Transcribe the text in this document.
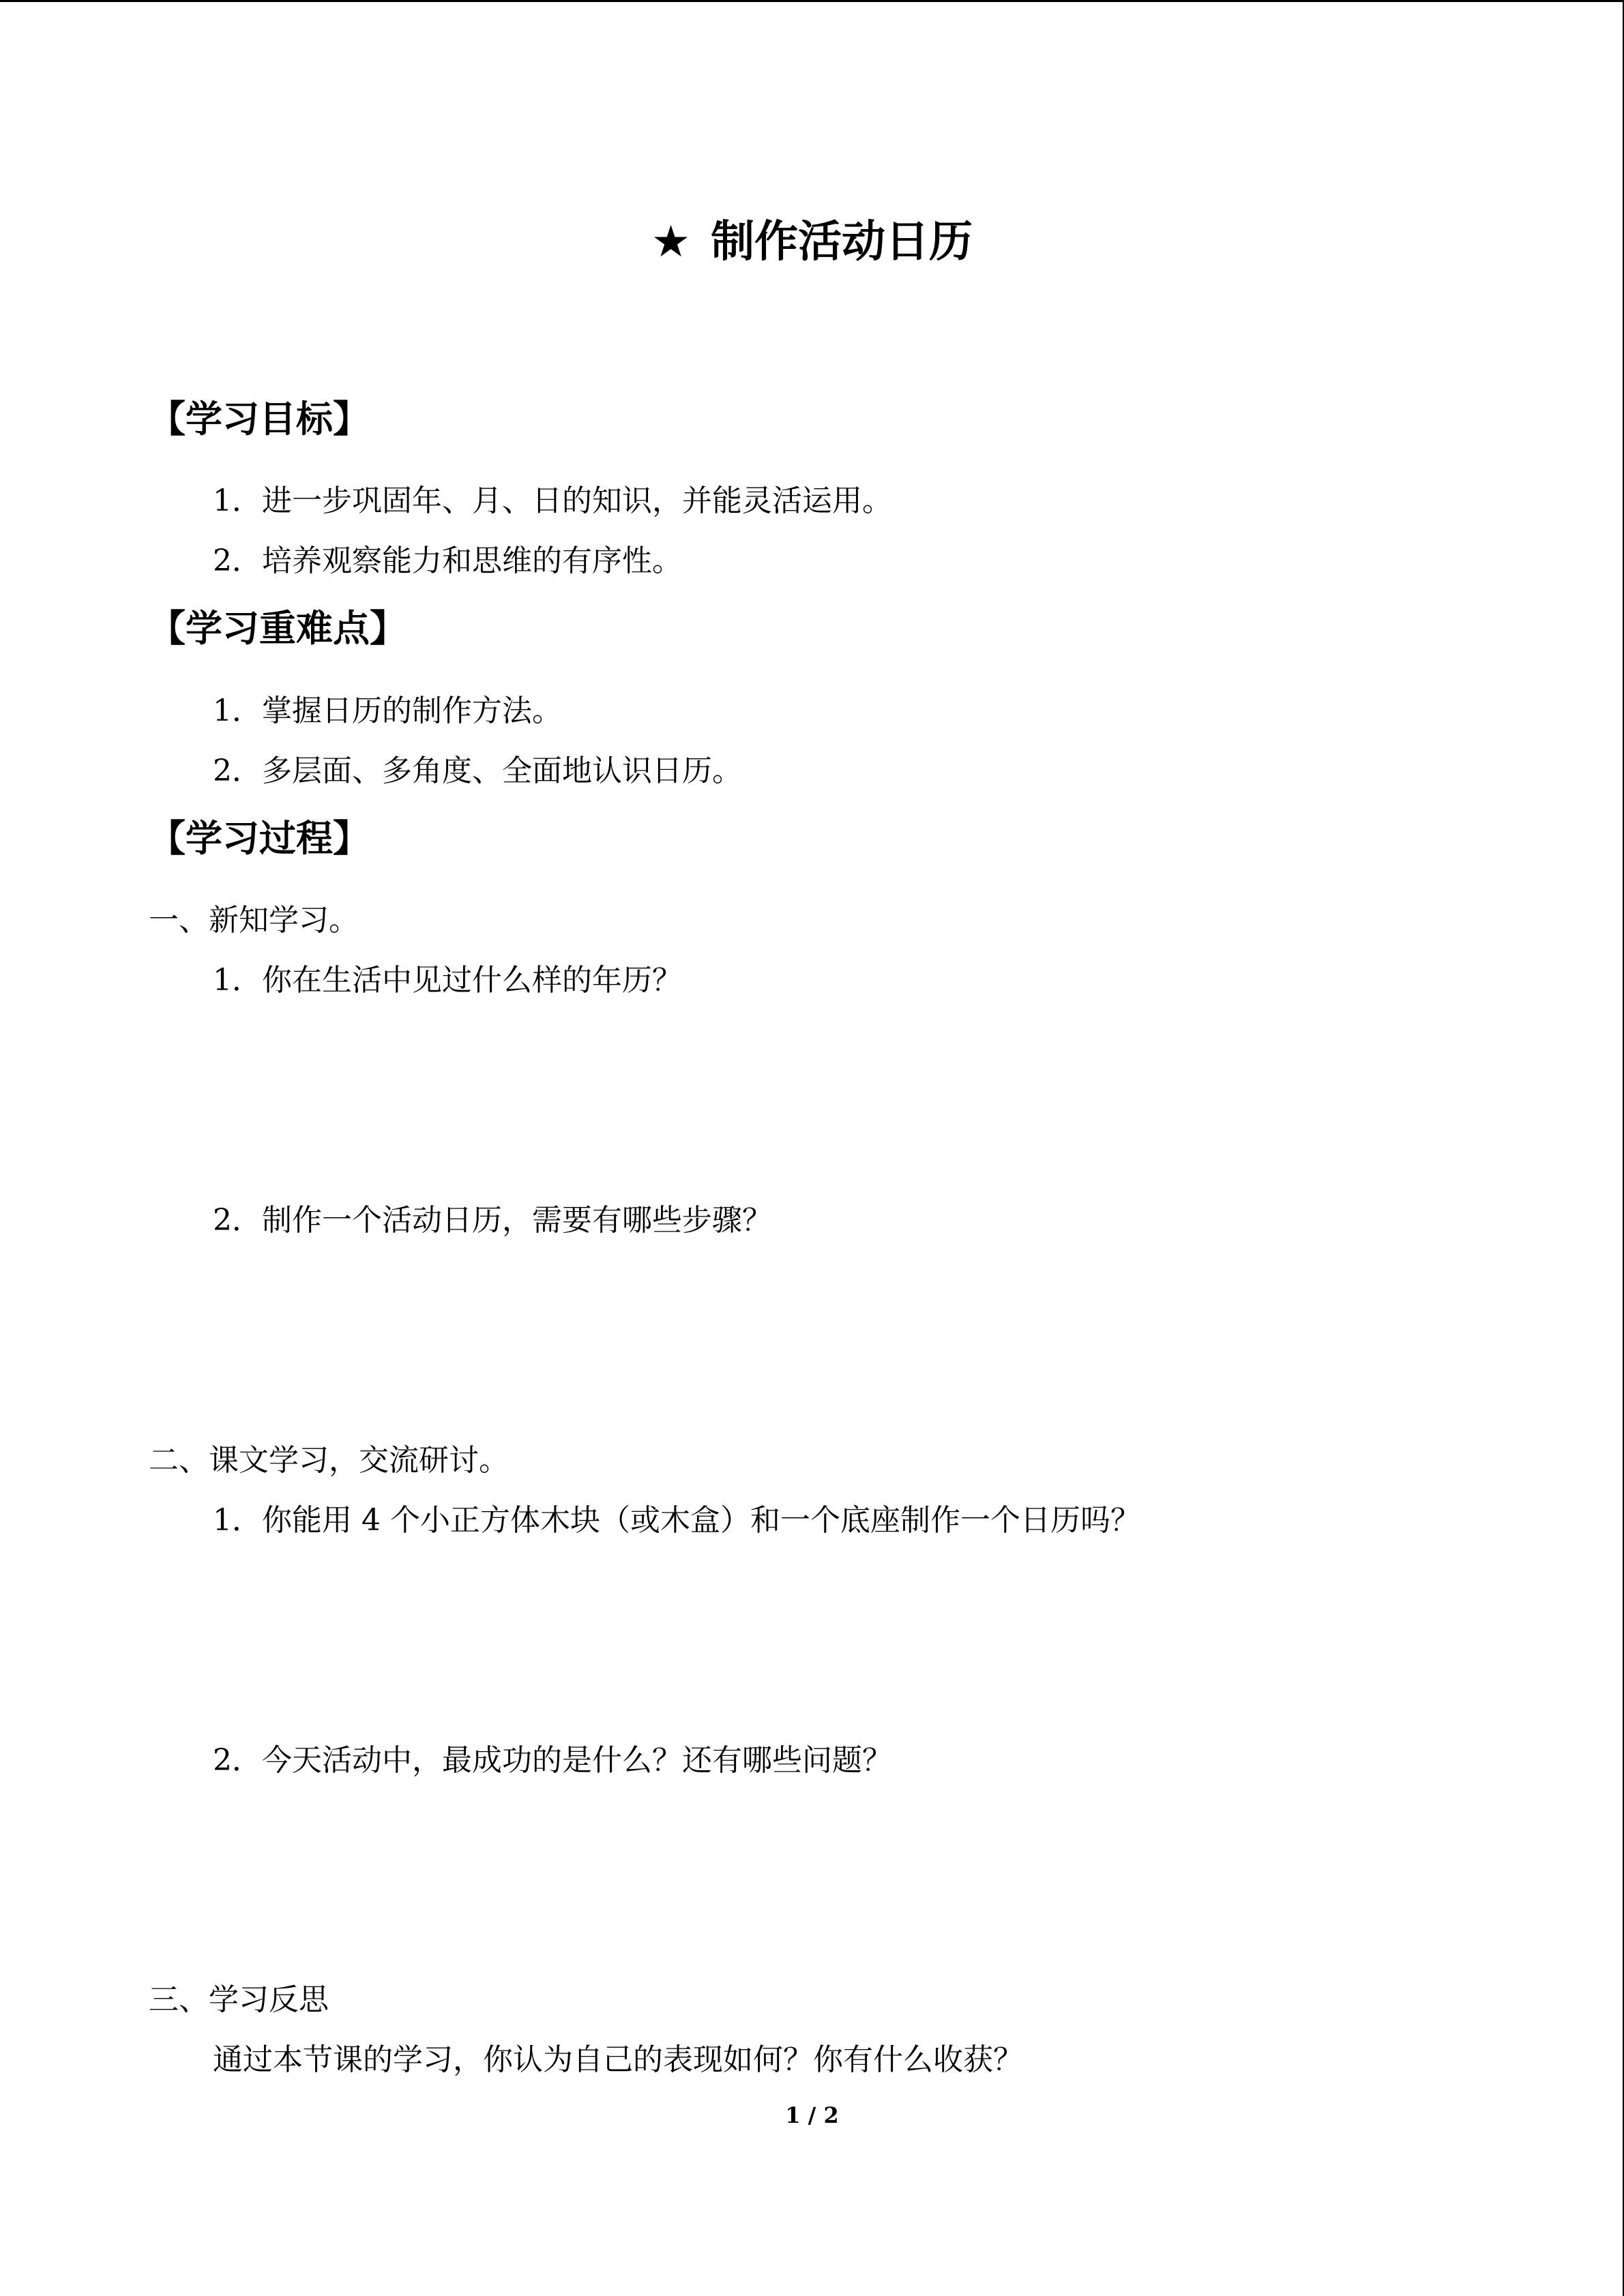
★ 制作活动日历
【学习目标】
1．进一步巩固年、月、日的知识，并能灵活运用。
2．培养观察能力和思维的有序性。
【学习重难点】
1．掌握日历的制作方法。
2．多层面、多角度、全面地认识日历。
【学习过程】
一、新知学习。
1．你在生活中见过什么样的年历？
2．制作一个活动日历，需要有哪些步骤？
二、课文学习，交流研讨。
1．你能用 4 个小正方体木块（或木盒）和一个底座制作一个日历吗？
2．今天活动中，最成功的是什么？还有哪些问题？
三、学习反思
通过本节课的学习，你认为自己的表现如何？你有什么收获？
1 / 2
